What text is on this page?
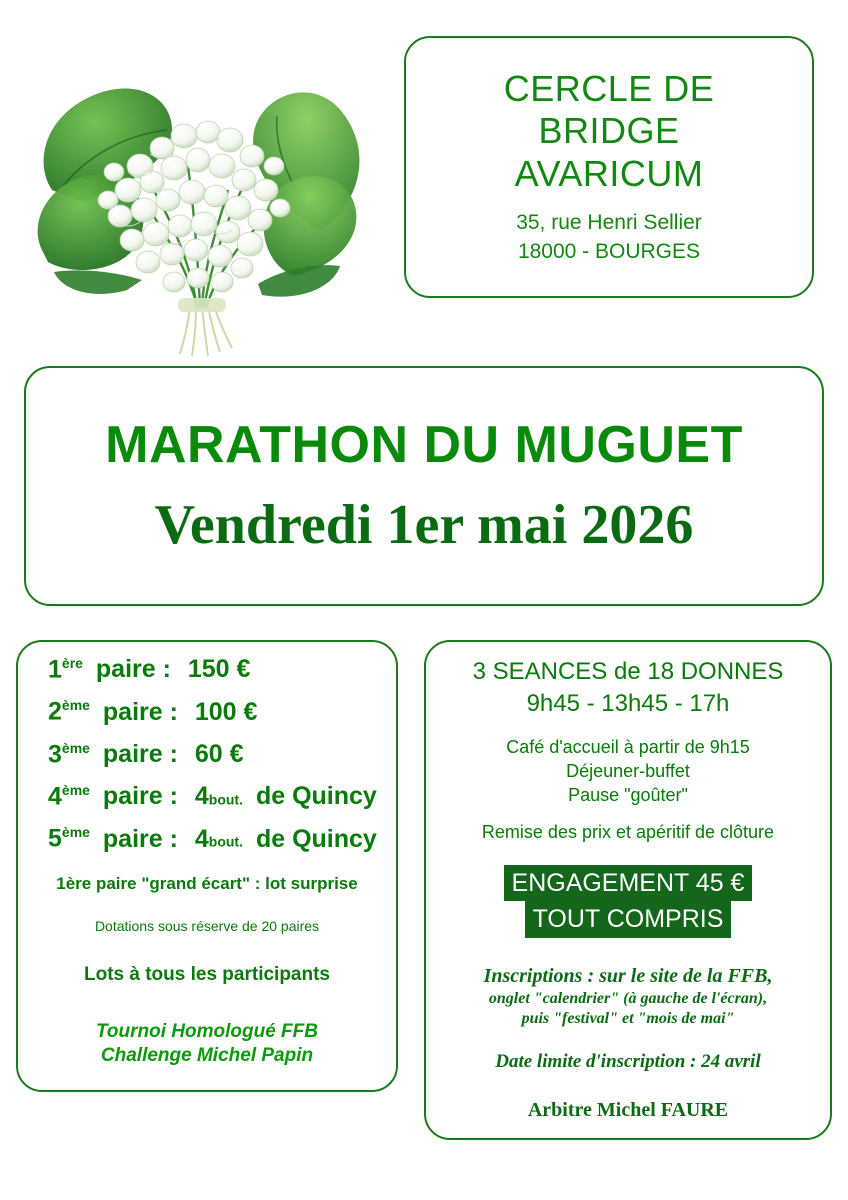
CERCLE DE
BRIDGE
AVARICUM
35, rue Henri Sellier
18000 - BOURGES
MARATHON DU MUGUET
Vendredi 1er mai 2026
1ère paire : 150 €
2ème paire : 100 €
3ème paire : 60 €
4ème paire : 4bout. de Quincy
5ème paire : 4bout. de Quincy
1ère paire "grand écart" : lot surprise
Dotations sous réserve de 20 paires
Lots à tous les participants
Tournoi Homologué FFB
Challenge Michel Papin
3 SEANCES de 18 DONNES
9h45 - 13h45 - 17h
Café d'accueil à partir de 9h15
Déjeuner-buffet
Pause "goûter"
Remise des prix et apéritif de clôture
ENGAGEMENT 45 €
TOUT COMPRIS
Inscriptions : sur le site de la FFB,
onglet "calendrier" (à gauche de l'écran),
puis "festival" et "mois de mai"
Date limite d'inscription : 24 avril
Arbitre Michel FAURE
